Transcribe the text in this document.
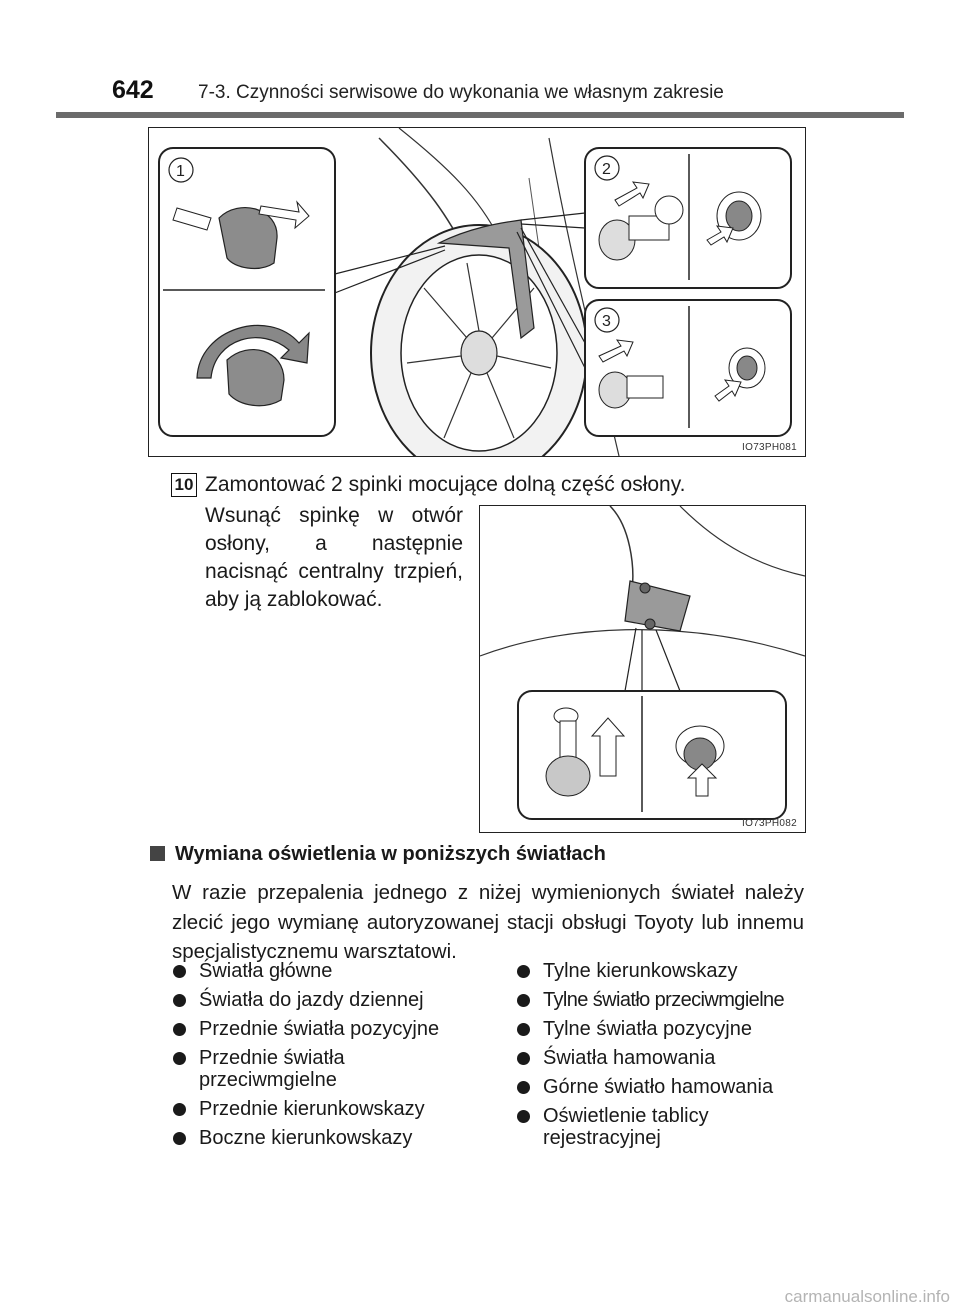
642 7-3. Czynności serwisowe do wykonania we własnym zakresie
1	2
3
IO73PH081
10 Zamontować 2 spinki mocujące dolną część osłony.
Wsunąć spinkę w otwór osłony, a następnie nacisnąć centralny trzpień, aby ją zablokować.
IO73PH082
Wymiana oświetlenia w poniższych światłach
W razie przepalenia jednego z niżej wymienionych świateł należy zlecić jego wymianę autoryzowanej stacji obsługi Toyoty lub innemu specjalistycznemu warsztatowi.
Światła główne
Światła do jazdy dziennej
Przednie światła pozycyjne
Przednie światła przeciwmgielne
Przednie kierunkowskazy
Boczne kierunkowskazy
Tylne kierunkowskazy
Tylne światło przeciwmgielne
Tylne światła pozycyjne
Światła hamowania
Górne światło hamowania
Oświetlenie tablicy rejestracyjnej
carmanualsonline.info
